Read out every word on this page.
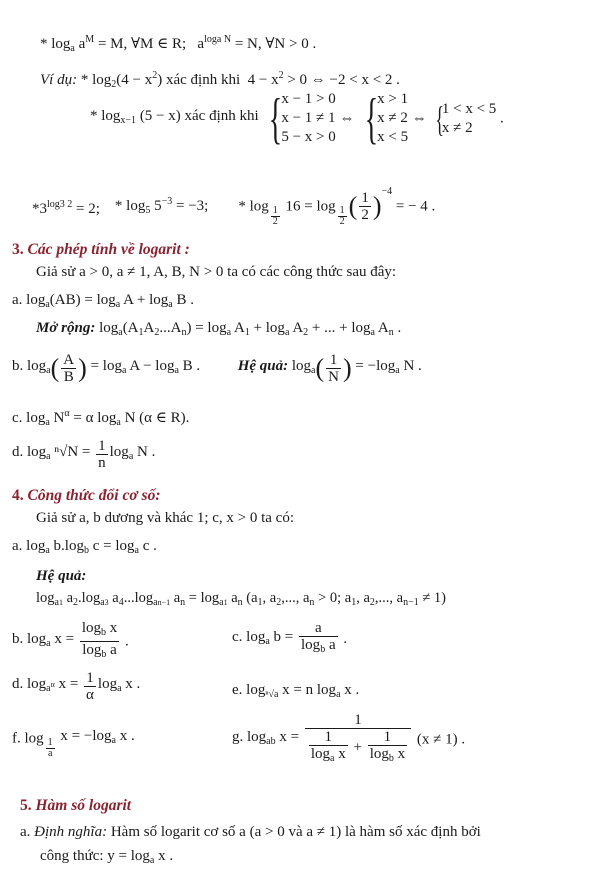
* $\log_a a^M = M$, ∀M ∈ R; $a^{loga N} = N$, ∀N > 0 .
Ví dụ: * $\log_2(4 - x^2)$ xác định khi $4 - x^2 > 0$ ⇔ −2 < x < 2 .
* $\log_{x-1} (5 - x)$ xác định khi {x − 1 > 0
x − 1 ≠ 1
5 − x > 0 ⇔ {x > 1
x ≠ 2
x < 5 ⇔ {1 < x < 5
x ≠ 2 .
$*3^{log3 2} = 2$; * $\log_5 5^{-3} = -3$; * $\log \frac{1}{2} 16 = \log \frac{1}{2}$ ( $\frac{1}{2} )^{-4}$ = − 4 .
3. Các phép tính về logarit :
Giả sử a > 0, a ≠ 1, A, B, N > 0 ta có các công thức sau đây:
a. $\log_a(AB) = \log_a A + \log_a B$ .
Mở rộng: $\log_a(A_1A_2...A_n) = \log_a A_1 + \log_a A_2$ + ... + $\log_a A_n$ .
b. $\log_a( \frac{A}{B}$ ) = $\log_a A - \log_a B$ .	Hệ quả: $\log_a( \frac{1}{N}$ ) = $-\log_a$ N .
c. $\log_a N^\alpha = \alpha$ $\log_a N$ (α ∈ R).
d. $\log_a ^n√N = \frac{1}{n} \log_a N$ .
4. Công thức đổi cơ số:
Giả sử a, b dương và khác 1; c, x > 0 ta có:
a. $\log_a b.\log_b$ $c = \log_a c$ .
Hệ quả:
$\log_{a1} a_2.\log_{a3}$ $a_4...\log_{an-1}$ $a_n = \log_{a1} a_n$ ($a_1$, $a_2$,..., $a_n > 0$; $a_1$, $a_2$,..., $a_{n-1} \ne 1$)
b. $\log_a x = \frac{\log_b x}{\log_b a}$ .	c. $\log_a b = \frac{a}{\log_b a}$ .
d. $\log_{a^\alpha} x = \frac{1}{\alpha} \log_a x$ .	e. $\log_{^n√a} x = n$ $\log_a x$ .
f. $\log \frac{1}{a}$
$x = -\log_a$ x .	g. $\log_{ab} x = \frac{1}{\frac{1}{\log_a x} + \frac{1}{\log_b x}} (x \ne 1)$ .
5. Hàm số logarit
a. Định nghĩa: Hàm số logarit cơ số a (a > 0 và a ≠ 1) là hàm số xác định bởi
công thức: $y = \log_a x$ .
